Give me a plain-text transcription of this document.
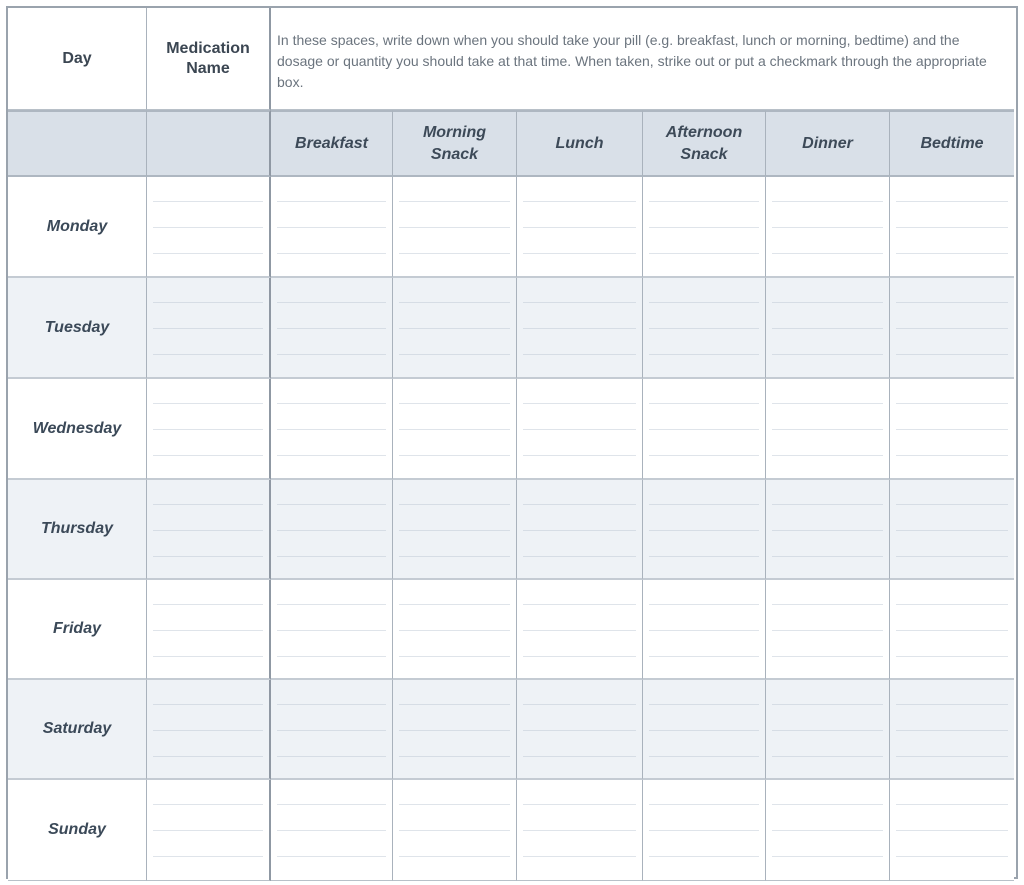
Day
Medication Name
In these spaces, write down when you should take your pill (e.g. breakfast, lunch or morning, bedtime) and the dosage or quantity you should take at that time. When taken, strike out or put a checkmark through the appropriate box.
Breakfast
Morning Snack
Lunch
Afternoon Snack
Dinner	Bedtime
Monday
Tuesday
Wednesday
Thursday
Friday
Saturday
Sunday
